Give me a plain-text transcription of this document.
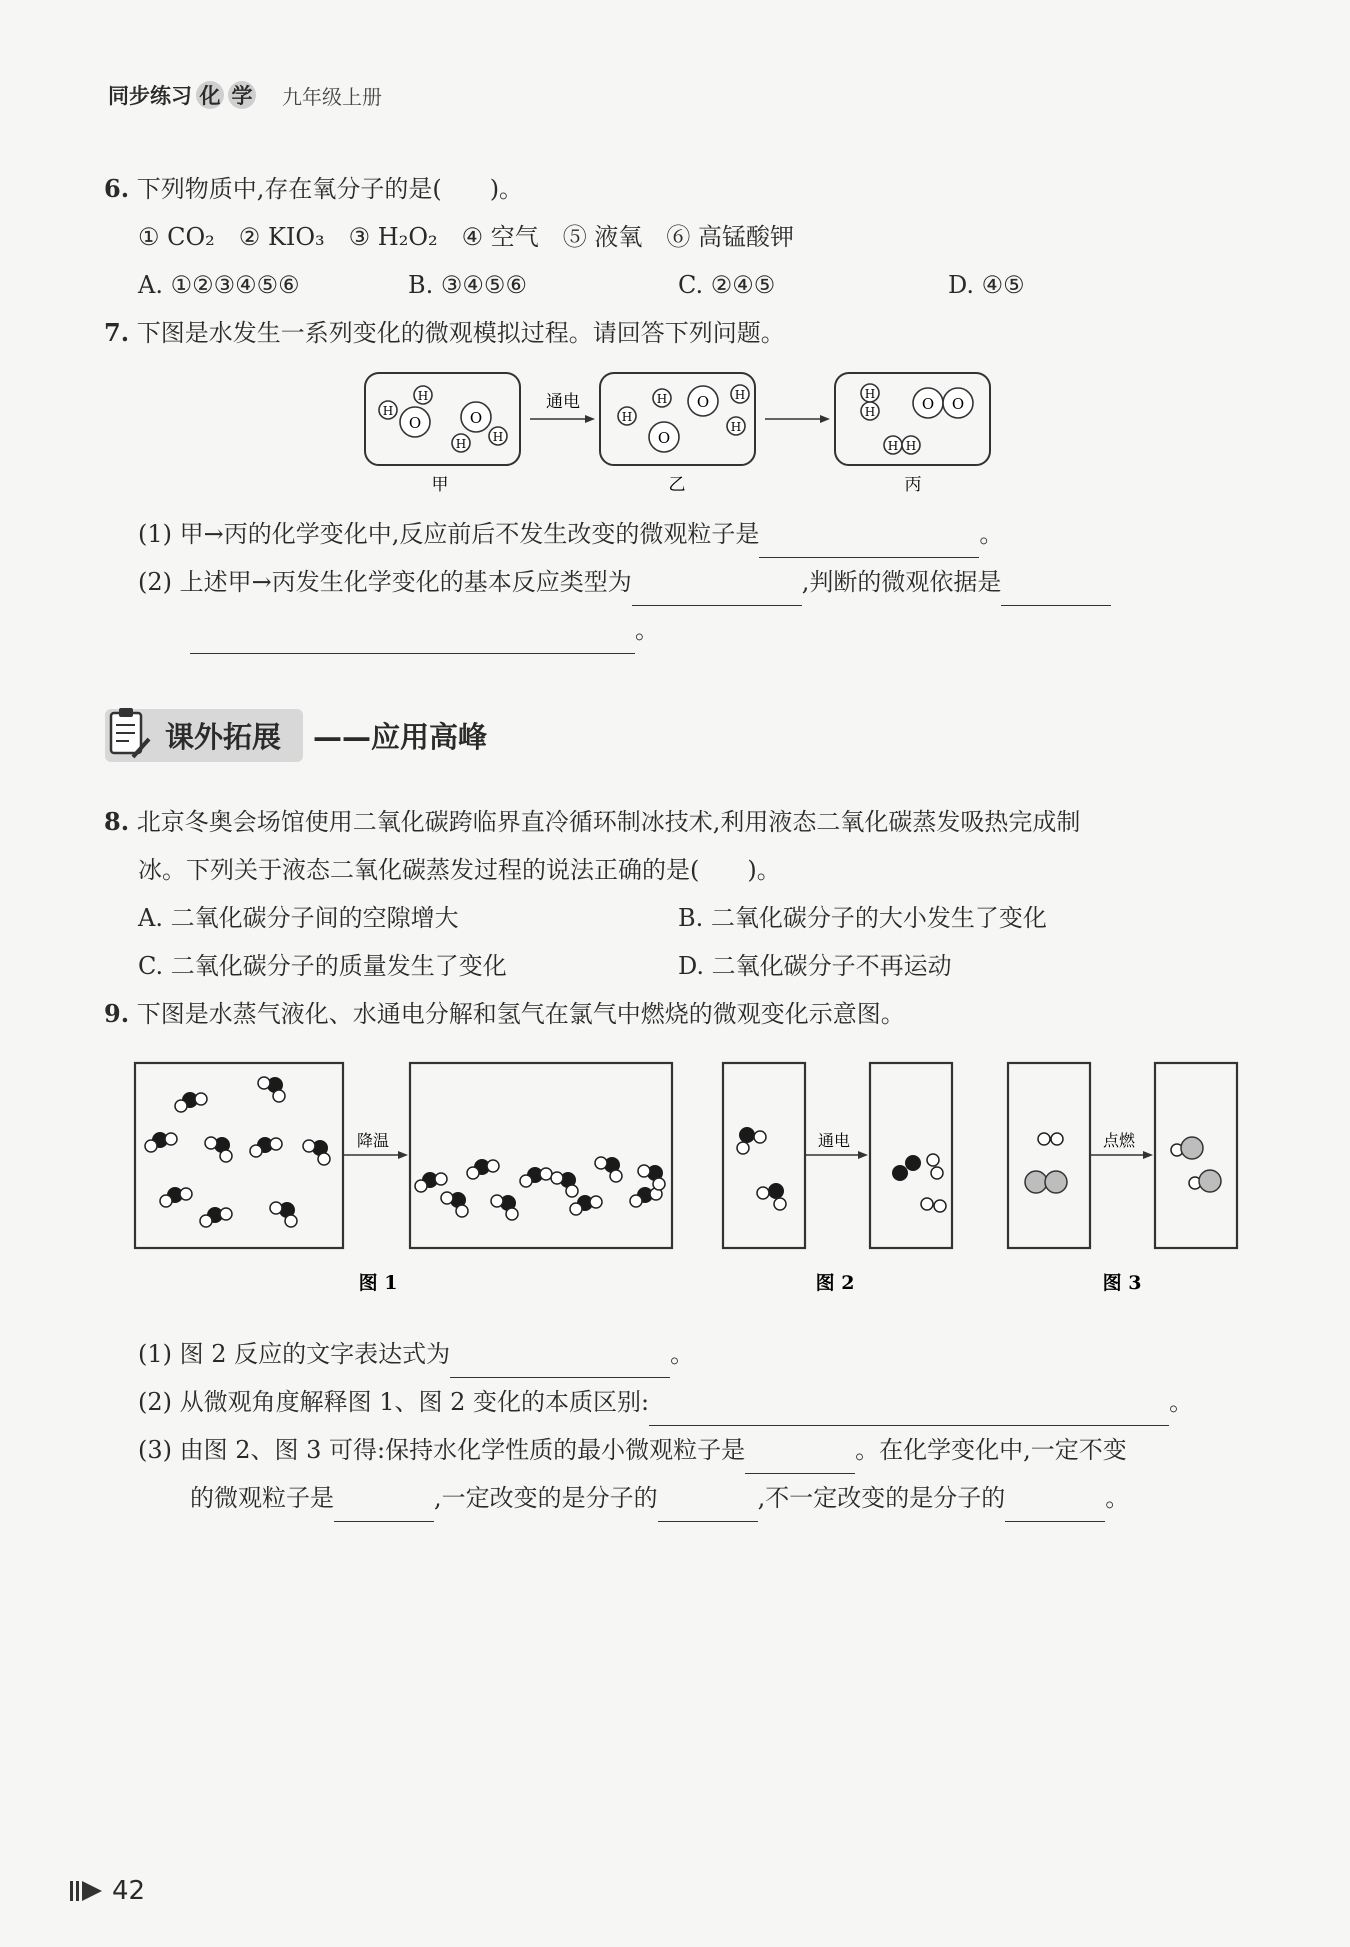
同步练习 化 学 九年级上册
6. 下列物质中,存在氧分子的是(　　)。
① CO₂　② KIO₃　③ H₂O₂　④ 空气　⑤ 液氧　⑥ 高锰酸钾
A. ①②③④⑤⑥	B. ③④⑤⑥	C. ②④⑤	D. ④⑤
7. 下图是水发生一系列变化的微观模拟过程。请回答下列问题。
O
H
H
O
H H
甲
通电
H
H O H
O
H
乙
H
H	O O
H H
丙
(1) 甲→丙的化学变化中,反应前后不发生改变的微观粒子是	。
(2) 上述甲→丙发生化学变化的基本反应类型为	,判断的微观依据是
。
课外拓展	——应用高峰
8. 北京冬奥会场馆使用二氧化碳跨临界直冷循环制冰技术,利用液态二氧化碳蒸发吸热完成制
冰。下列关于液态二氧化碳蒸发过程的说法正确的是(　　)。
A. 二氧化碳分子间的空隙增大	B. 二氧化碳分子的大小发生了变化
C. 二氧化碳分子的质量发生了变化	D. 二氧化碳分子不再运动
9. 下图是水蒸气液化、水通电分解和氢气在氯气中燃烧的微观变化示意图。
降温	通电	点燃
图 1	图 2	图 3
(1) 图 2 反应的文字表达式为	。
(2) 从微观角度解释图 1、图 2 变化的本质区别:	。
(3) 由图 2、图 3 可得:保持水化学性质的最小微观粒子是	。在化学变化中,一定不变
的微观粒子是	,一定改变的是分子的	,不一定改变的是分子的	。
42
